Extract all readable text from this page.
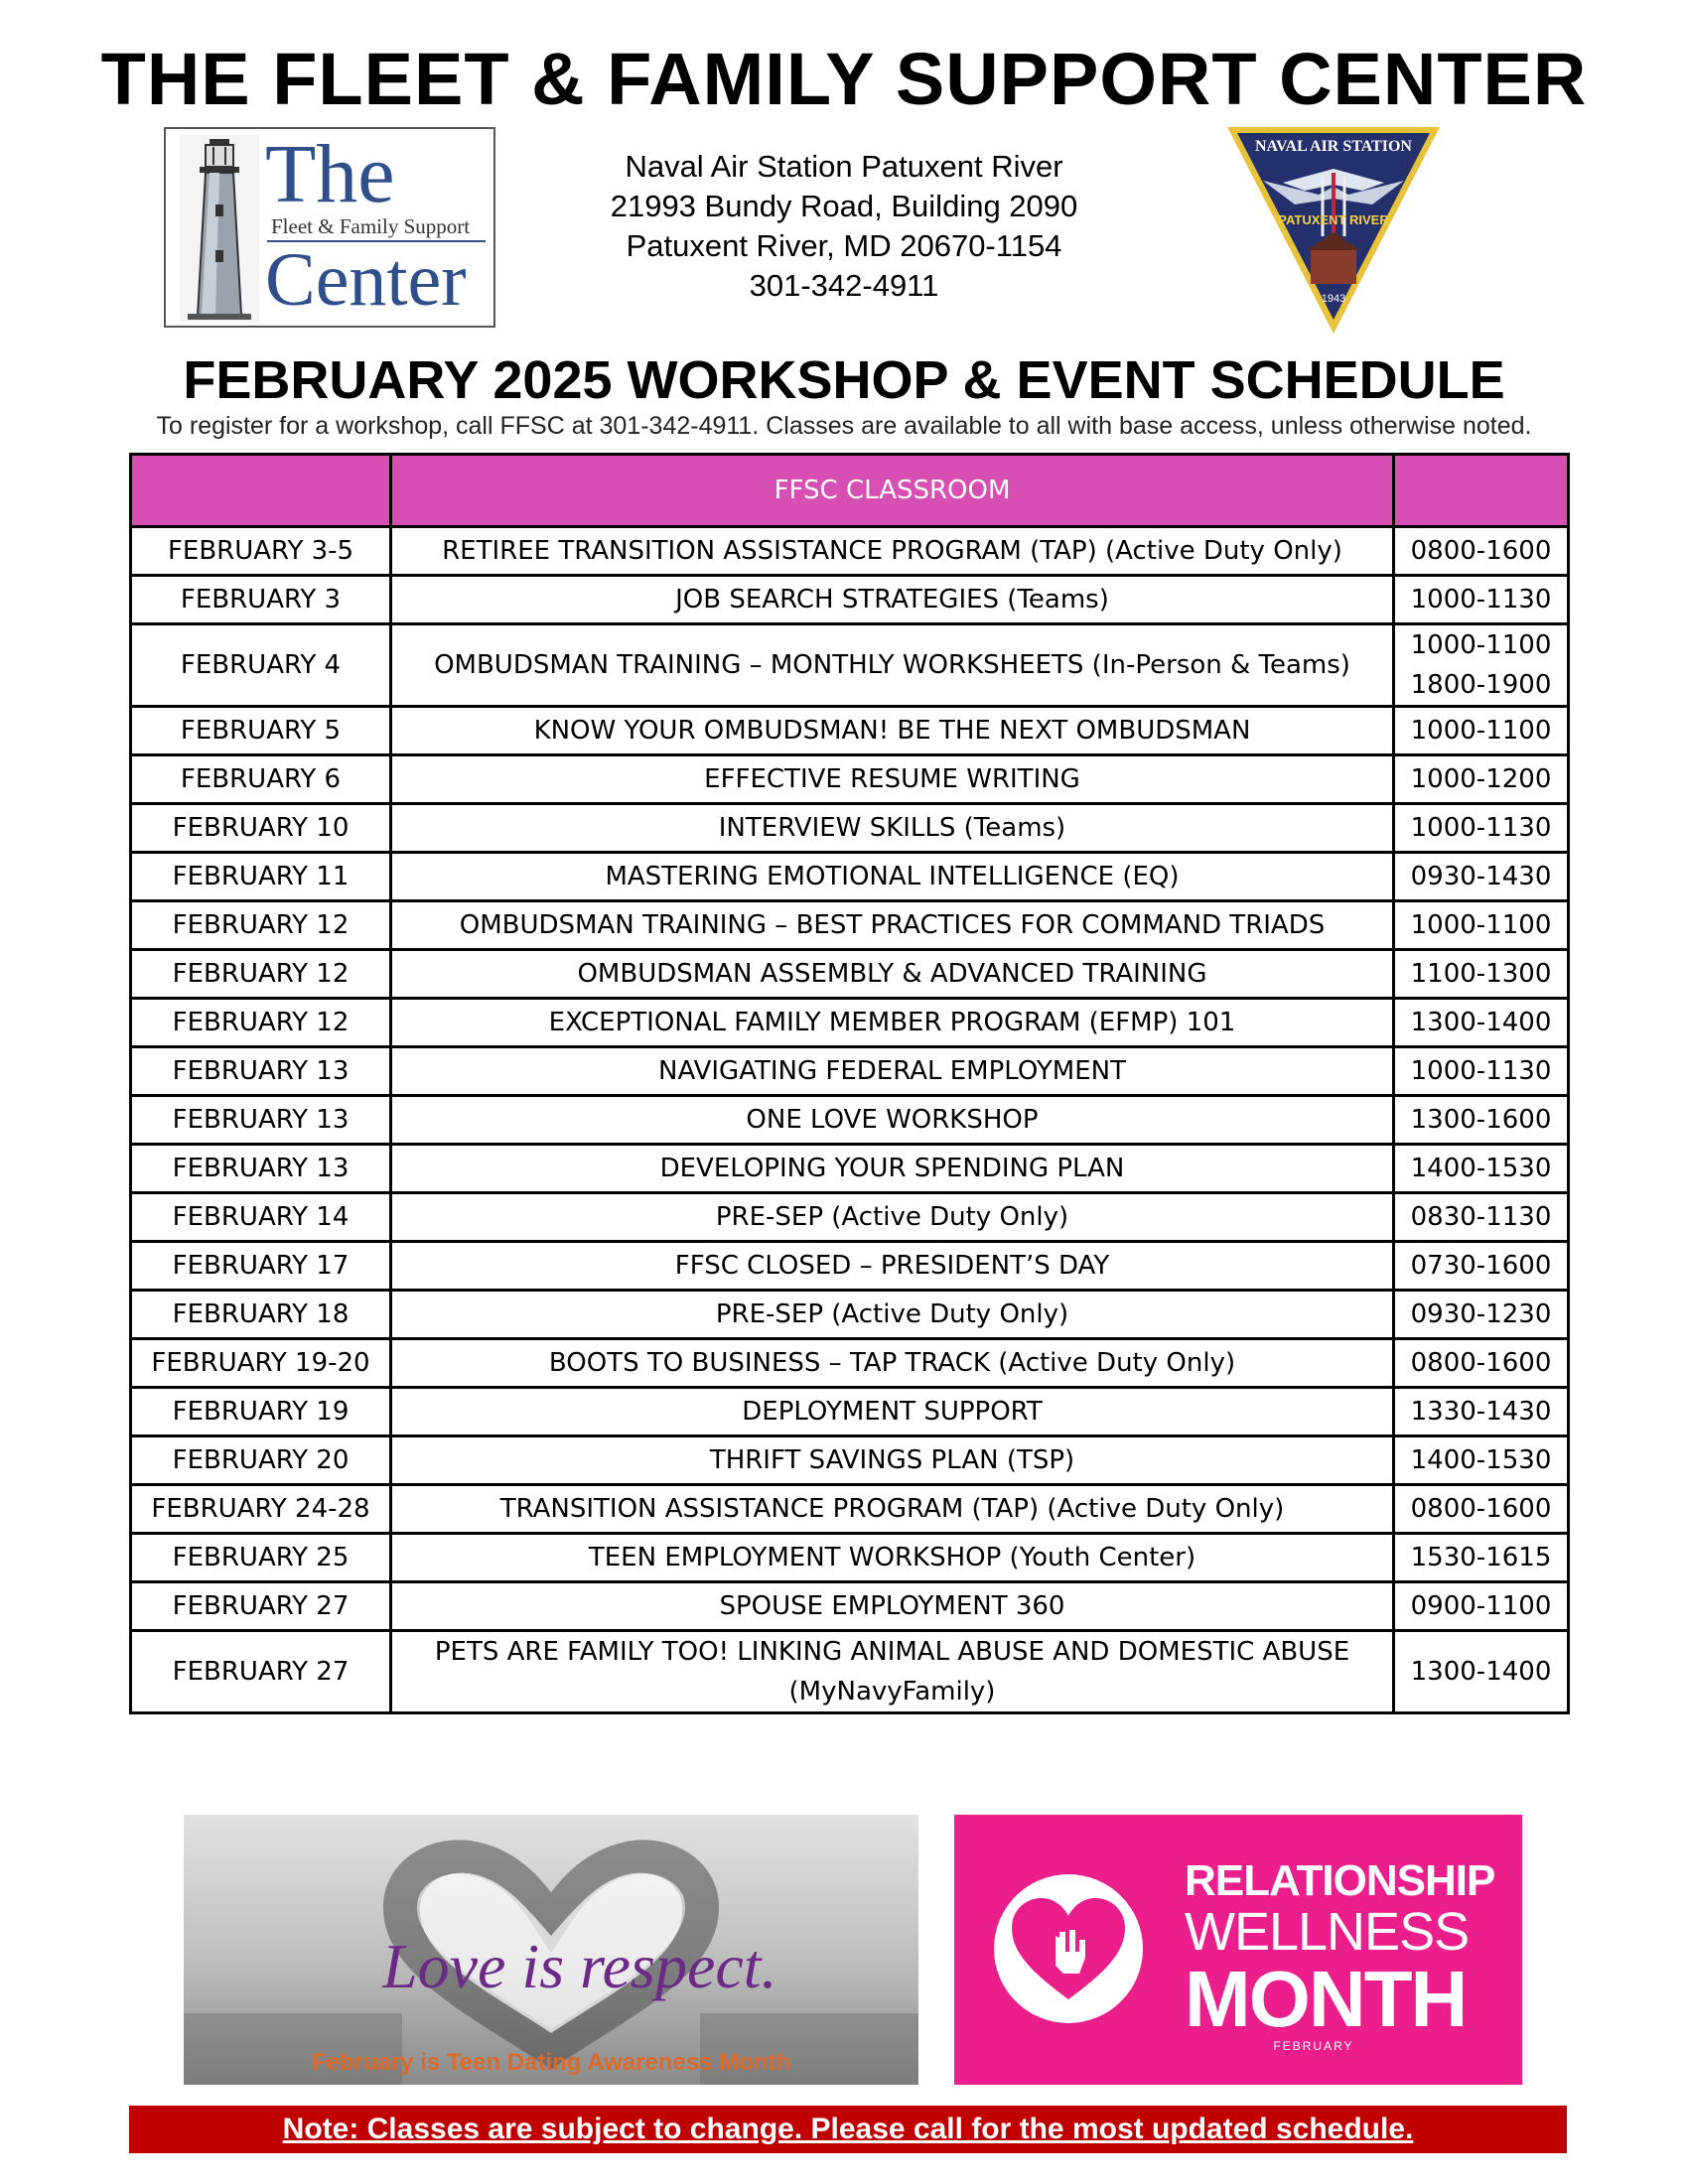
THE FLEET & FAMILY SUPPORT CENTER
The
Fleet & Family Support
Center
Naval Air Station Patuxent River
21993 Bundy Road, Building 2090
Patuxent River, MD 20670-1154
301-342-4911
NAVAL AIR STATION
PATUXENT RIVER
1943
FEBRUARY 2025 WORKSHOP & EVENT SCHEDULE
To register for a workshop, call FFSC at 301-342-4911. Classes are available to all with base access, unless otherwise noted.
	FFSC CLASSROOM	
FEBRUARY 3-5	RETIREE TRANSITION ASSISTANCE PROGRAM (TAP) (Active Duty Only)	0800-1600
FEBRUARY 3	JOB SEARCH STRATEGIES (Teams)	1000-1130
FEBRUARY 4	OMBUDSMAN TRAINING – MONTHLY WORKSHEETS (In-Person & Teams)	1000-1100
1800-1900

FEBRUARY 5	KNOW YOUR OMBUDSMAN! BE THE NEXT OMBUDSMAN	1000-1100
FEBRUARY 6	EFFECTIVE RESUME WRITING	1000-1200
FEBRUARY 10	INTERVIEW SKILLS (Teams)	1000-1130
FEBRUARY 11	MASTERING EMOTIONAL INTELLIGENCE (EQ)	0930-1430
FEBRUARY 12	OMBUDSMAN TRAINING – BEST PRACTICES FOR COMMAND TRIADS	1000-1100
FEBRUARY 12	OMBUDSMAN ASSEMBLY & ADVANCED TRAINING	1100-1300
FEBRUARY 12	EXCEPTIONAL FAMILY MEMBER PROGRAM (EFMP) 101	1300-1400
FEBRUARY 13	NAVIGATING FEDERAL EMPLOYMENT	1000-1130
FEBRUARY 13	ONE LOVE WORKSHOP	1300-1600
FEBRUARY 13	DEVELOPING YOUR SPENDING PLAN	1400-1530
FEBRUARY 14	PRE-SEP (Active Duty Only)	0830-1130
FEBRUARY 17	FFSC CLOSED – PRESIDENT’S DAY	0730-1600
FEBRUARY 18	PRE-SEP (Active Duty Only)	0930-1230
FEBRUARY 19-20	BOOTS TO BUSINESS – TAP TRACK (Active Duty Only)	0800-1600
FEBRUARY 19	DEPLOYMENT SUPPORT	1330-1430
FEBRUARY 20	THRIFT SAVINGS PLAN (TSP)	1400-1530
FEBRUARY 24-28	TRANSITION ASSISTANCE PROGRAM (TAP) (Active Duty Only)	0800-1600
FEBRUARY 25	TEEN EMPLOYMENT WORKSHOP (Youth Center)	1530-1615
FEBRUARY 27	SPOUSE EMPLOYMENT 360	0900-1100
FEBRUARY 27	PETS ARE FAMILY TOO! LINKING ANIMAL ABUSE AND DOMESTIC ABUSE
(MyNavyFamily)	1300-1400
Love is respect.
February is Teen Dating Awareness Month
RELATIONSHIP
WELLNESS
MONTH
FEBRUARY
Note: Classes are subject to change. Please call for the most updated schedule.
